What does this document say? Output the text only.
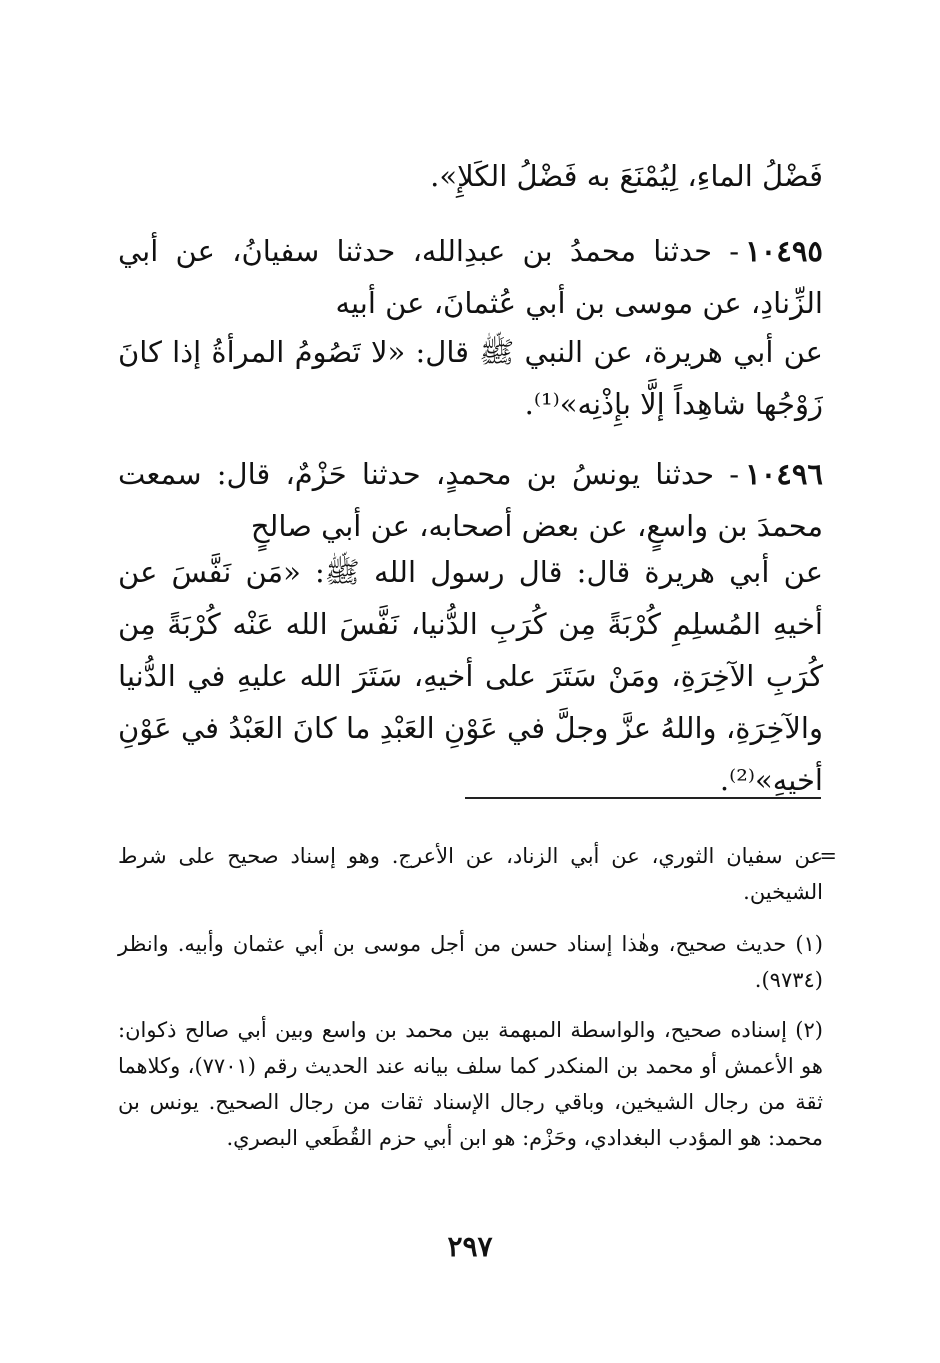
فَضْلُ الماءِ، لِيُمْنَعَ به فَضْلُ الكَلإِ».
١٠٤٩٥- حدثنا محمدُ بن عبدِالله، حدثنا سفيانُ، عن أبي الزِّنادِ، عن موسى بن أبي عُثمانَ، عن أبيه
عن أبي هريرة، عن النبي ﷺ قال: «لا تَصُومُ المرأةُ إذا كانَ زَوْجُها شاهِداً إلَّا بإِذْنِه»⁽¹⁾.
١٠٤٩٦- حدثنا يونسُ بن محمدٍ، حدثنا حَزْمٌ، قال: سمعت محمدَ بن واسعٍ، عن بعض أصحابه، عن أبي صالحٍ
عن أبي هريرة قال: قال رسول الله ﷺ: «مَن نَفَّسَ عن أخيهِ المُسلِمِ كُرْبَةً مِن كُرَبِ الدُّنيا، نَفَّسَ الله عَنْه كُرْبَةً مِن كُرَبِ الآخِرَةِ، ومَنْ سَتَرَ على أخيهِ، سَتَرَ الله عليهِ في الدُّنيا والآخِرَةِ، واللهُ عزَّ وجلَّ في عَوْنِ العَبْدِ ما كانَ العَبْدُ في عَوْنِ أخيهِ»⁽²⁾.
=
عن سفيان الثوري، عن أبي الزناد، عن الأعرج. وهو إسناد صحيح على شرط الشيخين.
(١) حديث صحيح، وهٰذا إسناد حسن من أجل موسى بن أبي عثمان وأبيه. وانظر (٩٧٣٤).
(٢) إسناده صحيح، والواسطة المبهمة بين محمد بن واسع وبين أبي صالح ذكوان: هو الأعمش أو محمد بن المنكدر كما سلف بيانه عند الحديث رقم (٧٧٠١)، وكلاهما ثقة من رجال الشيخين، وباقي رجال الإسناد ثقات من رجال الصحيح. يونس بن محمد: هو المؤدب البغدادي، وحَزْم: هو ابن أبي حزم القُطَعي البصري.
٢٩٧
